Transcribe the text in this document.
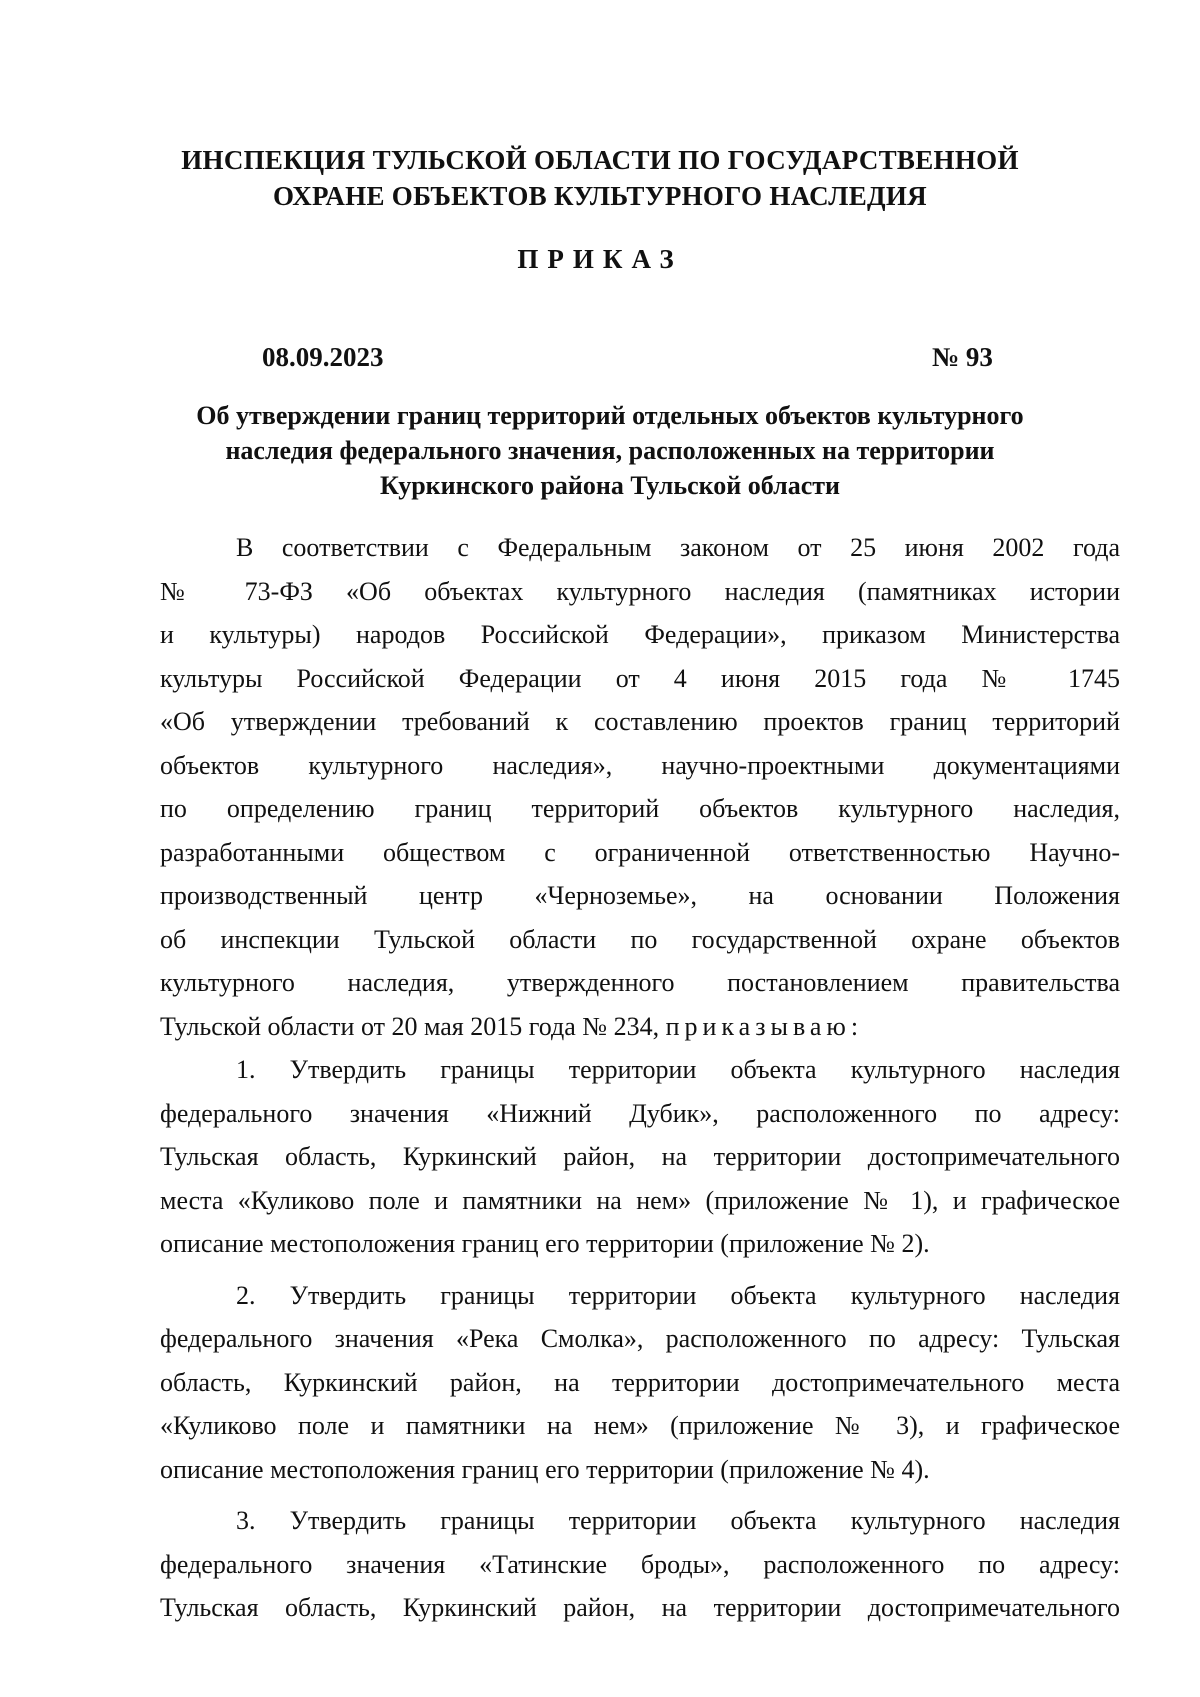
ИНСПЕКЦИЯ ТУЛЬСКОЙ ОБЛАСТИ ПО ГОСУДАРСТВЕННОЙ
ОХРАНЕ ОБЪЕКТОВ КУЛЬТУРНОГО НАСЛЕДИЯ
ПРИКАЗ
08.09.2023	№ 93
Об утверждении границ территорий отдельных объектов культурного
наследия федерального значения, расположенных на территории
Куркинского района Тульской области
В соответствии с Федеральным законом от 25 июня 2002 года
№ 73-ФЗ «Об объектах культурного наследия (памятниках истории
и культуры) народов Российской Федерации», приказом Министерства
культуры Российской Федерации от 4 июня 2015 года № 1745
«Об утверждении требований к составлению проектов границ территорий
объектов культурного наследия», научно-проектными документациями
по определению границ территорий объектов культурного наследия,
разработанными обществом с ограниченной ответственностью Научно-
производственный центр «Черноземье», на основании Положения
об инспекции Тульской области по государственной охране объектов
культурного наследия, утвержденного постановлением правительства
Тульской области от 20 мая 2015 года № 234, приказываю:
1. Утвердить границы территории объекта культурного наследия
федерального значения «Нижний Дубик», расположенного по адресу:
Тульская область, Куркинский район, на территории достопримечательного
места «Куликово поле и памятники на нем» (приложение № 1), и графическое
описание местоположения границ его территории (приложение № 2).
2. Утвердить границы территории объекта культурного наследия
федерального значения «Река Смолка», расположенного по адресу: Тульская
область, Куркинский район, на территории достопримечательного места
«Куликово поле и памятники на нем» (приложение № 3), и графическое
описание местоположения границ его территории (приложение № 4).
3. Утвердить границы территории объекта культурного наследия
федерального значения «Татинские броды», расположенного по адресу:
Тульская область, Куркинский район, на территории достопримечательного
